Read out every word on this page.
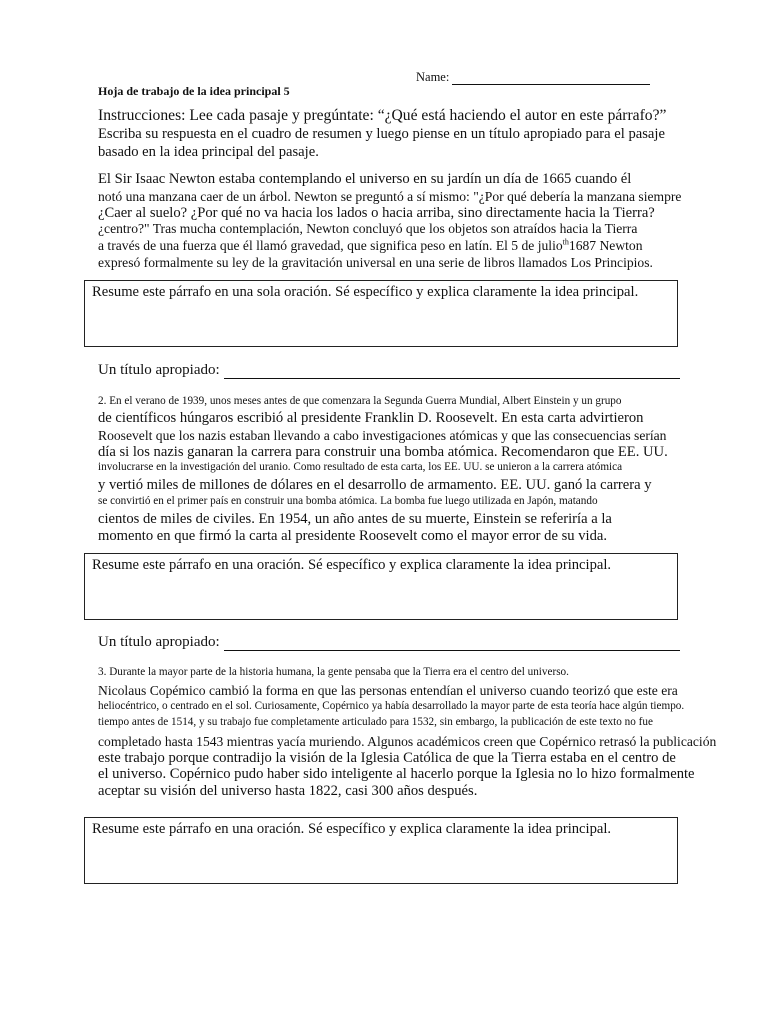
Name:
Hoja de trabajo de la idea principal 5
Instrucciones: Lee cada pasaje y pregúntate: “¿Qué está haciendo el autor en este párrafo?”
Escriba su respuesta en el cuadro de resumen y luego piense en un título apropiado para el pasaje
basado en la idea principal del pasaje.
El Sir Isaac Newton estaba contemplando el universo en su jardín un día de 1665 cuando él
notó una manzana caer de un árbol. Newton se preguntó a sí mismo: "¿Por qué debería la manzana siempre
¿Caer al suelo? ¿Por qué no va hacia los lados o hacia arriba, sino directamente hacia la Tierra?
¿centro?" Tras mucha contemplación, Newton concluyó que los objetos son atraídos hacia la Tierra
a través de una fuerza que él llamó gravedad, que significa peso en latín. El 5 de julio$^{th}$1687 Newton
expresó formalmente su ley de la gravitación universal en una serie de libros llamados Los Principios.
Resume este párrafo en una sola oración. Sé específico y explica claramente la idea principal.
Un título apropiado:
2. En el verano de 1939, unos meses antes de que comenzara la Segunda Guerra Mundial, Albert Einstein y un grupo
de científicos húngaros escribió al presidente Franklin D. Roosevelt. En esta carta advirtieron
Roosevelt que los nazis estaban llevando a cabo investigaciones atómicas y que las consecuencias serían
día si los nazis ganaran la carrera para construir una bomba atómica. Recomendaron que EE. UU.
involucrarse en la investigación del uranio. Como resultado de esta carta, los EE. UU. se unieron a la carrera atómica
y vertió miles de millones de dólares en el desarrollo de armamento. EE. UU. ganó la carrera y
se convirtió en el primer país en construir una bomba atómica. La bomba fue luego utilizada en Japón, matando
cientos de miles de civiles. En 1954, un año antes de su muerte, Einstein se referiría a la
momento en que firmó la carta al presidente Roosevelt como el mayor error de su vida.
Resume este párrafo en una oración. Sé específico y explica claramente la idea principal.
Un título apropiado:
3. Durante la mayor parte de la historia humana, la gente pensaba que la Tierra era el centro del universo.
Nicolaus Copémico cambió la forma en que las personas entendían el universo cuando teorizó que este era
heliocéntrico, o centrado en el sol. Curiosamente, Copérnico ya había desarrollado la mayor parte de esta teoría hace algún tiempo.
tiempo antes de 1514, y su trabajo fue completamente articulado para 1532, sin embargo, la publicación de este texto no fue
completado hasta 1543 mientras yacía muriendo. Algunos académicos creen que Copérnico retrasó la publicación
este trabajo porque contradijo la visión de la Iglesia Católica de que la Tierra estaba en el centro de
el universo. Copérnico pudo haber sido inteligente al hacerlo porque la Iglesia no lo hizo formalmente
aceptar su visión del universo hasta 1822, casi 300 años después.
Resume este párrafo en una oración. Sé específico y explica claramente la idea principal.
